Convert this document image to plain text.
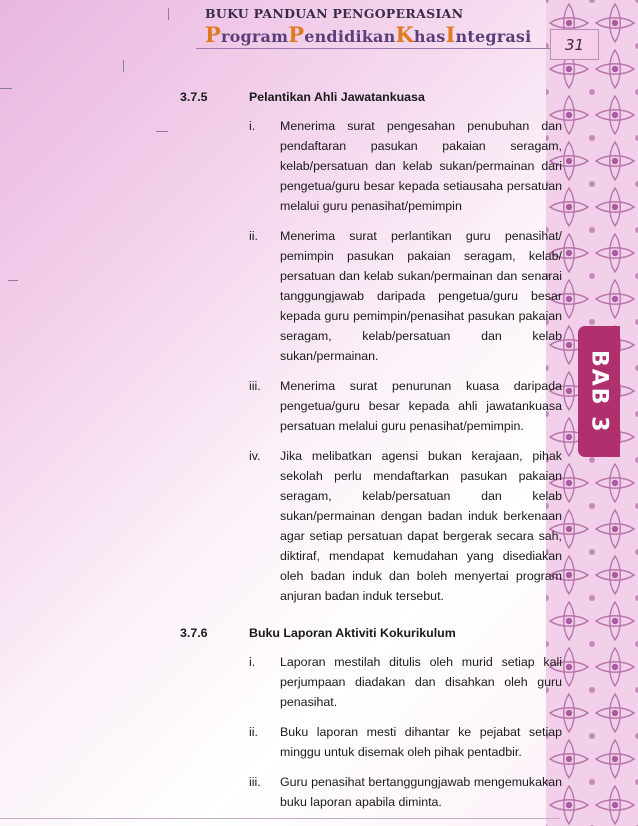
BUKU PANDUAN PENGOPERASIAN
ProgramPendidikanKhasIntegrasi	31
BAB 3
3.7.5	Pelantikan Ahli Jawatankuasa
i.	Menerima surat pengesahan penubuhan dan pendaftaran pasukan pakaian seragam, kelab/persatuan dan kelab sukan/permainan dari pengetua/guru besar kepada setiausaha persatuan melalui guru penasihat/pemimpin
ii.	Menerima surat perlantikan guru penasihat/ pemimpin pasukan pakaian seragam, kelab/ persatuan dan kelab sukan/permainan dan senarai tanggungjawab daripada pengetua/guru besar kepada guru pemimpin/penasihat pasukan pakaian seragam, kelab/persatuan dan kelab sukan/permainan.
iii.	Menerima surat penurunan kuasa daripada pengetua/guru besar kepada ahli jawatankuasa persatuan melalui guru penasihat/pemimpin.
iv.	Jika melibatkan agensi bukan kerajaan, pihak sekolah perlu mendaftarkan pasukan pakaian seragam, kelab/persatuan dan kelab sukan/permainan dengan badan induk berkenaan agar setiap persatuan dapat bergerak secara sah, diktiraf, mendapat kemudahan yang disediakan oleh badan induk dan boleh menyertai program anjuran badan induk tersebut.
3.7.6	Buku Laporan Aktiviti Kokurikulum
i.	Laporan mestilah ditulis oleh murid setiap kali perjumpaan diadakan dan disahkan oleh guru penasihat.
ii.	Buku laporan mesti dihantar ke pejabat setiap minggu untuk disemak oleh pihak pentadbir.
iii.	Guru penasihat bertanggungjawab mengemukakan buku laporan apabila diminta.
